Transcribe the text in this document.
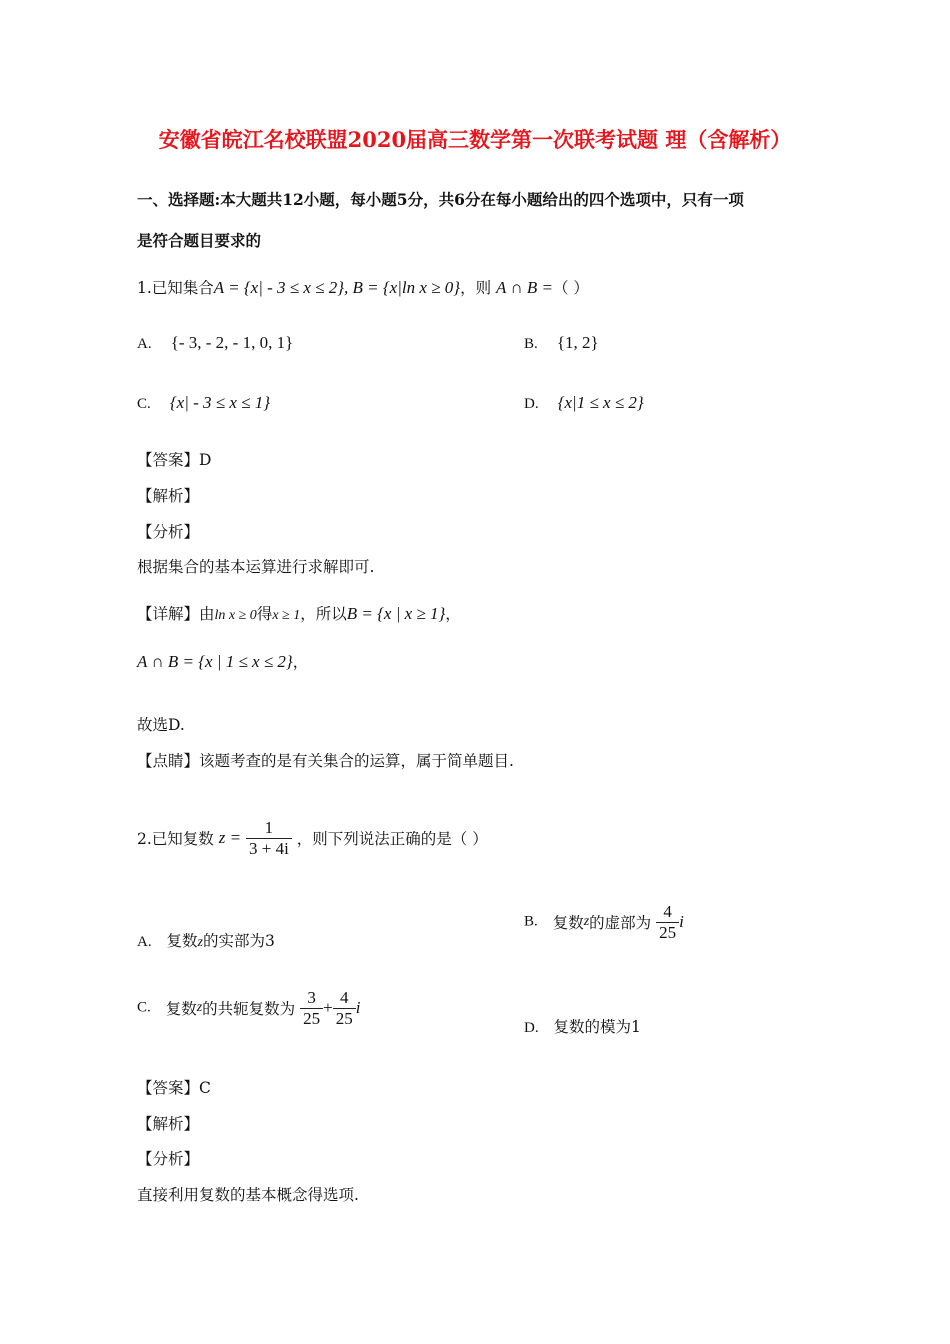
安徽省皖江名校联盟2020届高三数学第一次联考试题 理（含解析）
一、选择题:本大题共12小题，每小题5分，共6分在每小题给出的四个选项中，只有一项
是符合题目要求的
1.已知集合A = {x| - 3 ≤ x ≤ 2}, B = {x|ln x ≥ 0}，则 A ∩ B =（ ）
A. {- 3, - 2, - 1, 0, 1}	B. {1, 2}
C. {x| - 3 ≤ x ≤ 1}	D. {x|1 ≤ x ≤ 2}
【答案】D
【解析】
【分析】
根据集合的基本运算进行求解即可.
【详解】由ln x ≥ 0得x ≥ 1，所以B = {x | x ≥ 1}，
A ∩ B = {x | 1 ≤ x ≤ 2}，
故选D.
【点睛】该题考查的是有关集合的运算，属于简单题目.
2.已知复数 $z = \frac{1}{3 + 4i}$ ，则下列说法正确的是（ ）
A. 复数z的实部为3
B. 复数z的虚部为 $\frac{4}{25}$ i
C. 复数z的共轭复数为 $\frac{3}{25} + \frac{4}{25}$ i
D. 复数的模为1
【答案】C
【解析】
【分析】
直接利用复数的基本概念得选项.
